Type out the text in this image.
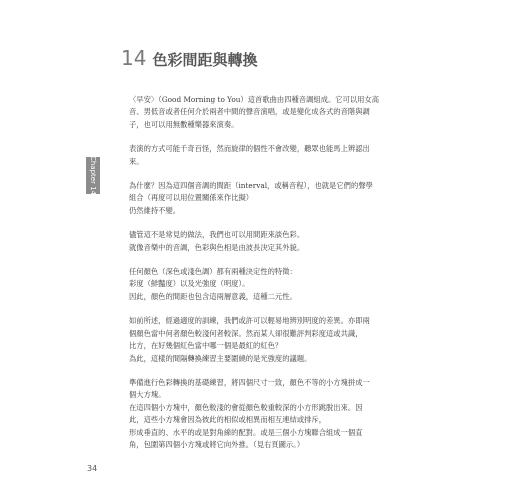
14 色彩間距與轉換
Chapter 14

〈早安〉（Good Morning to You）這首歌曲由四種音調組成。它可以用女高
音、男低音或者任何介於兩者中間的聲音演唱，或是變化成各式的音階與調
子，也可以用無數種樂器來演奏。

表演的方式可能千奇百怪，然而旋律的個性不會改變，聽眾也能馬上辨認出
來。

為什麼？因為這四個音調的間距（interval，或稱音程），也就是它們的聲學
組合（再度可以用位置關係來作比擬）
仍然維持不變。

儘管這不是常見的做法，我們也可以用間距來談色彩。
就像音樂中的音調，色彩與色相是由波長決定其外貌。

任何顏色（深色或淺色調）都有兩種決定性的特徵：
彩度（鮮豔度）以及光強度（明度）。
因此，顏色的間距也包含這兩層意義，這種二元性。

如前所述，經過適度的訓練，我們或許可以輕易地辨別明度的差異。亦即兩
個顏色當中何者顏色較淺何者較深。然而某人卻很難評判彩度這或共識，
比方，在好幾個紅色當中哪一個是最紅的紅色？
為此，這樣的間隔轉換練習主要圍繞的是光強度的議題。

準備進行色彩轉換的基礎練習，將四個尺寸一致，顏色不等的小方塊拼成一
個大方塊。
在這四個小方塊中，顏色較淺的會從顏色較重較深的小方形跳脫出來。因
此，這些小方塊會因為彼此的相似或相異而相互連結或排斥，
形成垂直的、水平的或是對角線的配對。或是三個小方塊聯合組成一個直
角，包圍第四個小方塊或將它向外推。（見右頁圖示。）

34
